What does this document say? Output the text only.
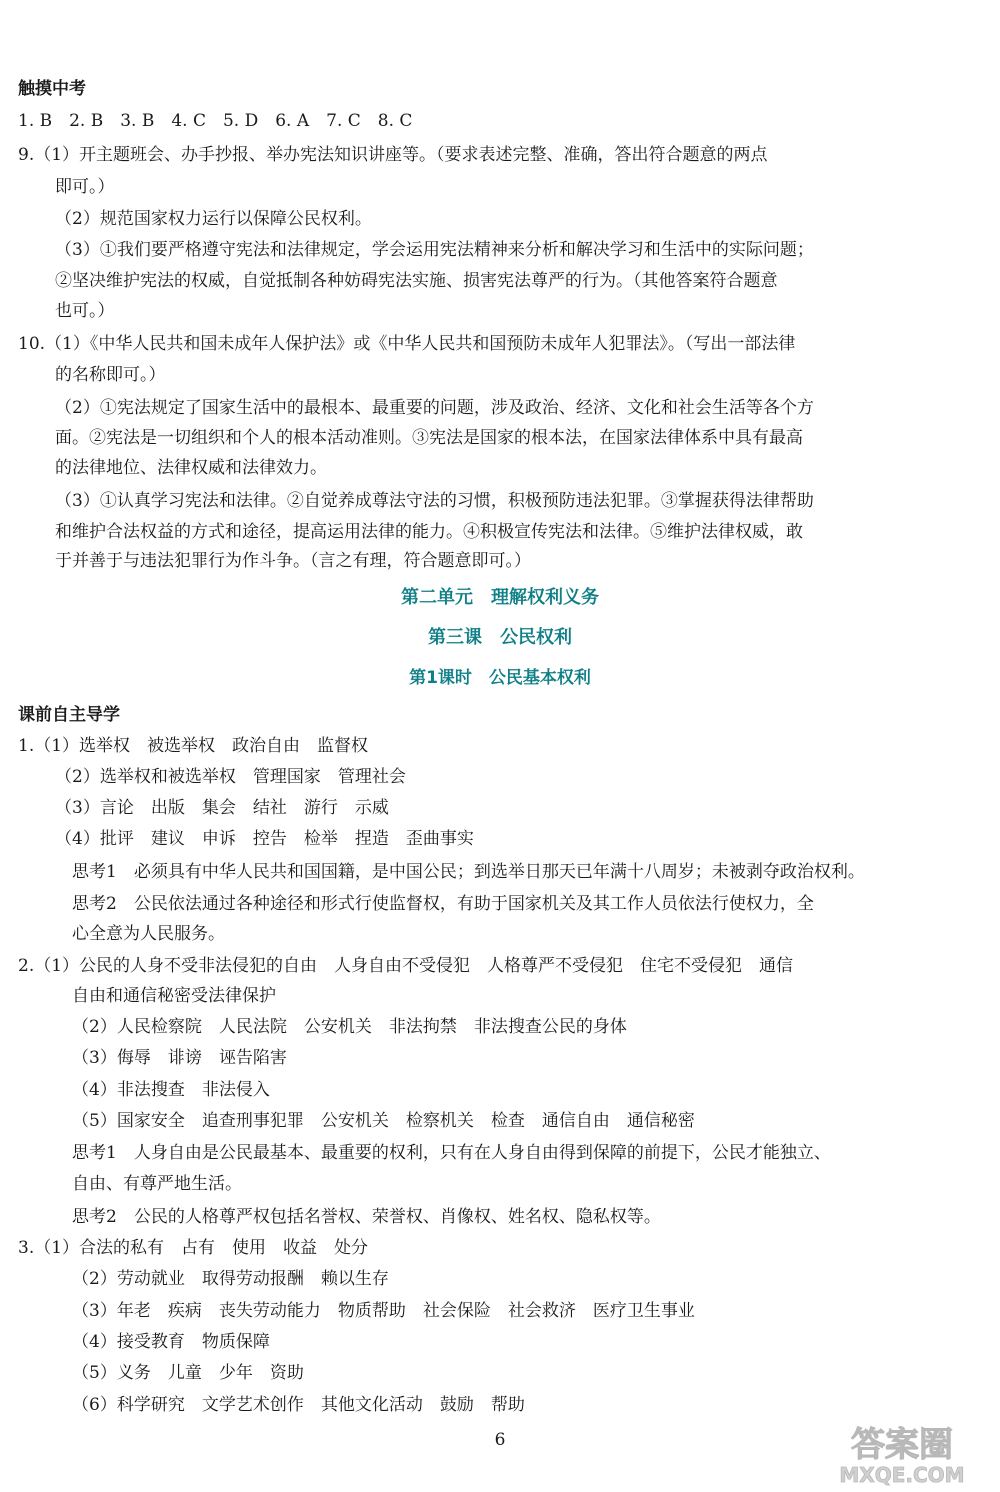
触摸中考
1. B　2. B　3. B　4. C　5. D　6. A　7. C　8. C
9.（1）开主题班会、办手抄报、举办宪法知识讲座等。（要求表述完整、准确，答出符合题意的两点
即可。）
（2）规范国家权力运行以保障公民权利。
（3）①我们要严格遵守宪法和法律规定，学会运用宪法精神来分析和解决学习和生活中的实际问题；
②坚决维护宪法的权威，自觉抵制各种妨碍宪法实施、损害宪法尊严的行为。（其他答案符合题意
也可。）
10.（1）《中华人民共和国未成年人保护法》或《中华人民共和国预防未成年人犯罪法》。（写出一部法律
的名称即可。）
（2）①宪法规定了国家生活中的最根本、最重要的问题，涉及政治、经济、文化和社会生活等各个方
面。②宪法是一切组织和个人的根本活动准则。③宪法是国家的根本法，在国家法律体系中具有最高
的法律地位、法律权威和法律效力。
（3）①认真学习宪法和法律。②自觉养成尊法守法的习惯，积极预防违法犯罪。③掌握获得法律帮助
和维护合法权益的方式和途径，提高运用法律的能力。④积极宣传宪法和法律。⑤维护法律权威，敢
于并善于与违法犯罪行为作斗争。（言之有理，符合题意即可。）
第二单元　理解权利义务
第三课　公民权利
第1课时　公民基本权利
课前自主导学
1.（1）选举权　被选举权　政治自由　监督权
（2）选举权和被选举权　管理国家　管理社会
（3）言论　出版　集会　结社　游行　示威
（4）批评　建议　申诉　控告　检举　捏造　歪曲事实
思考1　必须具有中华人民共和国国籍，是中国公民；到选举日那天已年满十八周岁；未被剥夺政治权利。
思考2　公民依法通过各种途径和形式行使监督权，有助于国家机关及其工作人员依法行使权力，全
心全意为人民服务。
2.（1）公民的人身不受非法侵犯的自由　人身自由不受侵犯　人格尊严不受侵犯　住宅不受侵犯　通信
自由和通信秘密受法律保护
（2）人民检察院　人民法院　公安机关　非法拘禁　非法搜查公民的身体
（3）侮辱　诽谤　诬告陷害
（4）非法搜查　非法侵入
（5）国家安全　追查刑事犯罪　公安机关　检察机关　检查　通信自由　通信秘密
思考1　人身自由是公民最基本、最重要的权利，只有在人身自由得到保障的前提下，公民才能独立、
自由、有尊严地生活。
思考2　公民的人格尊严权包括名誉权、荣誉权、肖像权、姓名权、隐私权等。
3.（1）合法的私有　占有　使用　收益　处分
（2）劳动就业　取得劳动报酬　赖以生存
（3）年老　疾病　丧失劳动能力　物质帮助　社会保险　社会救济　医疗卫生事业
（4）接受教育　物质保障
（5）义务　儿童　少年　资助
（6）科学研究　文学艺术创作　其他文化活动　鼓励　帮助
6	答案圈
MXQE.COM
